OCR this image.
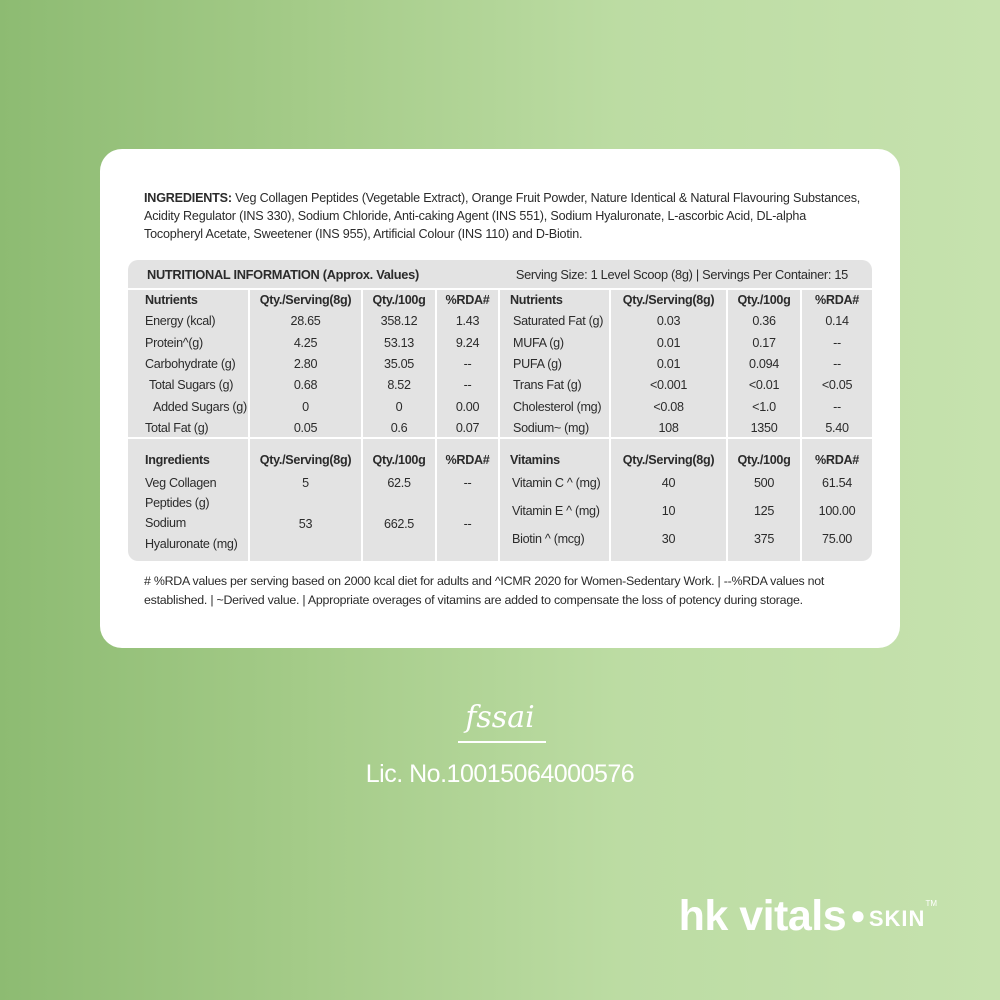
INGREDIENTS: Veg Collagen Peptides (Vegetable Extract), Orange Fruit Powder, Nature Identical & Natural Flavouring Substances, Acidity Regulator (INS 330), Sodium Chloride, Anti-caking Agent (INS 551), Sodium Hyaluronate, L-ascorbic Acid, DL-alpha Tocopheryl Acetate, Sweetener (INS 955), Artificial Colour (INS 110) and D-Biotin.
NUTRITIONAL INFORMATION (Approx. Values)	Serving Size: 1 Level Scoop (8g) | Servings Per Container: 15
Nutrients	Qty./Serving(8g)	Qty./100g	%RDA#	Nutrients	Qty./Serving(8g)	Qty./100g	%RDA#
Energy (kcal)	28.65	358.12	1.43
Protein^(g)	4.25	53.13	9.24
Carbohydrate (g)	2.80	35.05	--
Total Sugars (g)	0.68	8.52	--
Added Sugars (g)	0	0	0.00
Total Fat (g)	0.05	0.6	0.07
Saturated Fat (g)	0.03	0.36	0.14
MUFA (g)	0.01	0.17	--
PUFA (g)	0.01	0.094	--
Trans Fat (g)	<0.001	<0.01	<0.05
Cholesterol (mg)	<0.08	<1.0	--
Sodium~ (mg)	108	1350	5.40
Ingredients	Qty./Serving(8g)	Qty./100g	%RDA#	Vitamins	Qty./Serving(8g)	Qty./100g	%RDA#
Veg Collagen
Peptides (g)
5	62.5	--
Sodium
Hyaluronate (mg)
53	662.5	--
Vitamin C ^ (mg)	40	500	61.54
Vitamin E ^ (mg)	10	125	100.00
Biotin ^ (mcg)	30	375	75.00
# %RDA values per serving based on 2000 kcal diet for adults and ^ICMR 2020 for Women-Sedentary Work. | --%RDA values not established. | ~Derived value. | Appropriate overages of vitamins are added to compensate the loss of potency during storage.
fssai
Lic. No.10015064000576
hk vitals ● SKIN™
